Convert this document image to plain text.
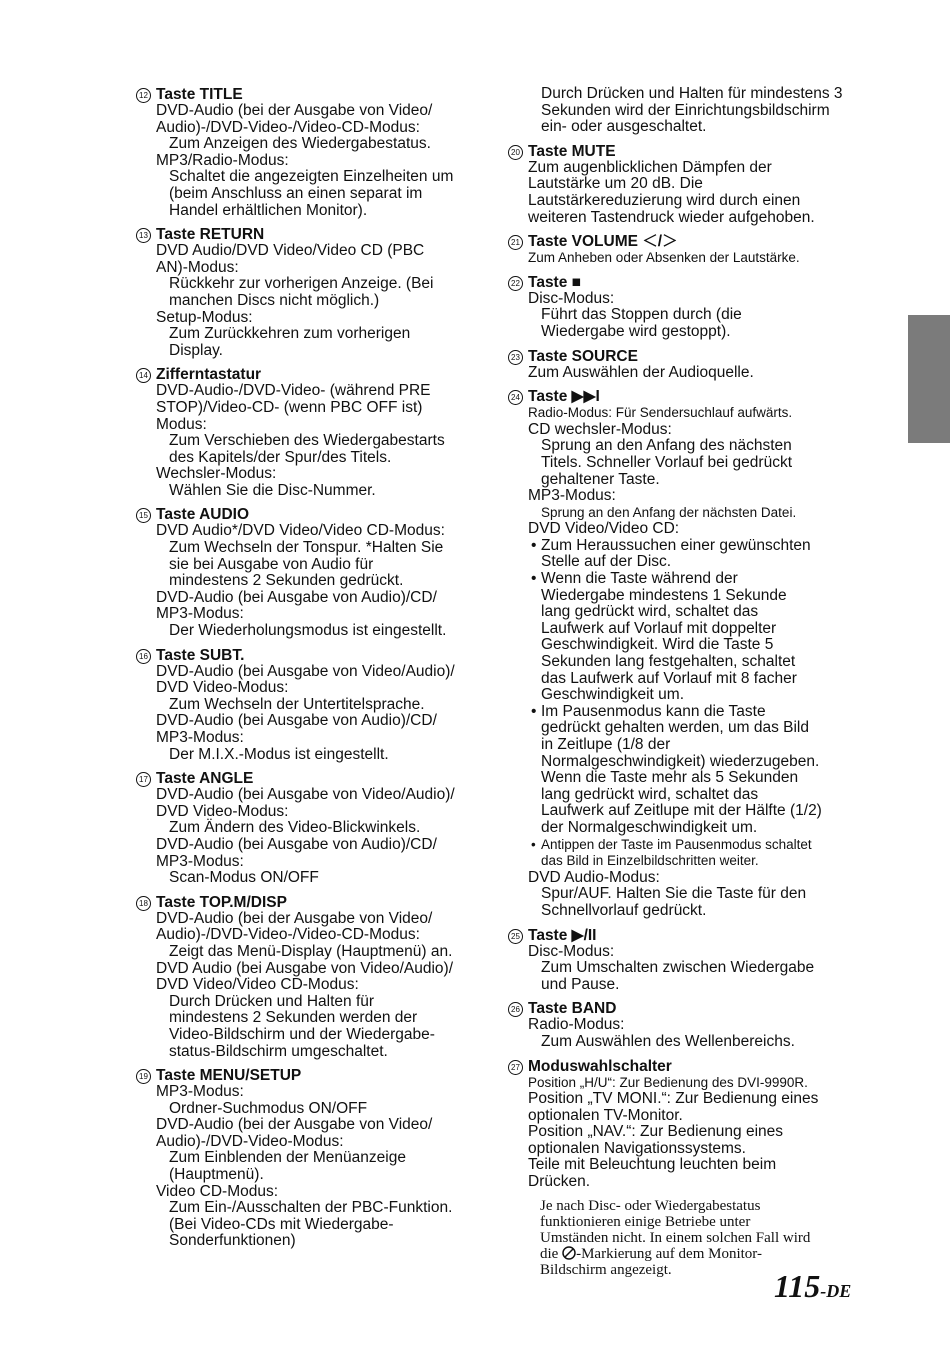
12 Taste TITLE
DVD-Audio (bei der Ausgabe von Video/
Audio)-/DVD-Video-/Video-CD-Modus:
Zum Anzeigen des Wiedergabestatus.
MP3/Radio-Modus:
Schaltet die angezeigten Einzelheiten um
(beim Anschluss an einen separat im
Handel erhältlichen Monitor).
13 Taste RETURN
DVD Audio/DVD Video/Video CD (PBC
AN)-Modus:
Rückkehr zur vorherigen Anzeige. (Bei
manchen Discs nicht möglich.)
Setup-Modus:
Zum Zurückkehren zum vorherigen
Display.
14 Zifferntastatur
DVD-Audio-/DVD-Video- (während PRE
STOP)/Video-CD- (wenn PBC OFF ist)
Modus:
Zum Verschieben des Wiedergabestarts
des Kapitels/der Spur/des Titels.
Wechsler-Modus:
Wählen Sie die Disc-Nummer.
15 Taste AUDIO
DVD Audio*/DVD Video/Video CD-Modus:
Zum Wechseln der Tonspur. *Halten Sie
sie bei Ausgabe von Audio für
mindestens 2 Sekunden gedrückt.
DVD-Audio (bei Ausgabe von Audio)/CD/
MP3-Modus:
Der Wiederholungsmodus ist eingestellt.
16 Taste SUBT.
DVD-Audio (bei Ausgabe von Video/Audio)/
DVD Video-Modus:
Zum Wechseln der Untertitelsprache.
DVD-Audio (bei Ausgabe von Audio)/CD/
MP3-Modus:
Der M.I.X.-Modus ist eingestellt.
17 Taste ANGLE
DVD-Audio (bei Ausgabe von Video/Audio)/
DVD Video-Modus:
Zum Ändern des Video-Blickwinkels.
DVD-Audio (bei Ausgabe von Audio)/CD/
MP3-Modus:
Scan-Modus ON/OFF
18 Taste TOP.M/DISP
DVD-Audio (bei der Ausgabe von Video/
Audio)-/DVD-Video-/Video-CD-Modus:
Zeigt das Menü-Display (Hauptmenü) an.
DVD Audio (bei Ausgabe von Video/Audio)/
DVD Video/Video CD-Modus:
Durch Drücken und Halten für
mindestens 2 Sekunden werden der
Video-Bildschirm und der Wiedergabe-
status-Bildschirm umgeschaltet.
19 Taste MENU/SETUP
MP3-Modus:
Ordner-Suchmodus ON/OFF
DVD-Audio (bei der Ausgabe von Video/
Audio)-/DVD-Video-Modus:
Zum Einblenden der Menüanzeige
(Hauptmenü).
Video CD-Modus:
Zum Ein-/Ausschalten der PBC-Funktion.
(Bei Video-CDs mit Wiedergabe-
Sonderfunktionen)
Durch Drücken und Halten für mindestens 3
Sekunden wird der Einrichtungsbildschirm
ein- oder ausgeschaltet.
20 Taste MUTE
Zum augenblicklichen Dämpfen der
Lautstärke um 20 dB. Die
Lautstärkereduzierung wird durch einen
weiteren Tastendruck wieder aufgehoben.
21 Taste VOLUME ＜/＞
Zum Anheben oder Absenken der Lautstärke.
22 Taste ■
Disc-Modus:
Führt das Stoppen durch (die
Wiedergabe wird gestoppt).
23 Taste SOURCE
Zum Auswählen der Audioquelle.
24 Taste ▶▶I
Radio-Modus: Für Sendersuchlauf aufwärts.
CD wechsler-Modus:
Sprung an den Anfang des nächsten
Titels. Schneller Vorlauf bei gedrückt
gehaltener Taste.
MP3-Modus:
Sprung an den Anfang der nächsten Datei.
DVD Video/Video CD:
• Zum Heraussuchen einer gewünschten
Stelle auf der Disc.
• Wenn die Taste während der
Wiedergabe mindestens 1 Sekunde
lang gedrückt wird, schaltet das
Laufwerk auf Vorlauf mit doppelter
Geschwindigkeit. Wird die Taste 5
Sekunden lang festgehalten, schaltet
das Laufwerk auf Vorlauf mit 8 facher
Geschwindigkeit um.
• Im Pausenmodus kann die Taste
gedrückt gehalten werden, um das Bild
in Zeitlupe (1/8 der
Normalgeschwindigkeit) wiederzugeben.
Wenn die Taste mehr als 5 Sekunden
lang gedrückt wird, schaltet das
Laufwerk auf Zeitlupe mit der Hälfte (1/2)
der Normalgeschwindigkeit um.
• Antippen der Taste im Pausenmodus schaltet
das Bild in Einzelbildschritten weiter.
DVD Audio-Modus:
Spur/AUF. Halten Sie die Taste für den
Schnellvorlauf gedrückt.
25 Taste ▶/II
Disc-Modus:
Zum Umschalten zwischen Wiedergabe
und Pause.
26 Taste BAND
Radio-Modus:
Zum Auswählen des Wellenbereichs.
27 Moduswahlschalter
Position „H/U“: Zur Bedienung des DVI-9990R.
Position „TV MONI.“: Zur Bedienung eines
optionalen TV-Monitor.
Position „NAV.“: Zur Bedienung eines
optionalen Navigationssystems.
Teile mit Beleuchtung leuchten beim
Drücken.
Je nach Disc- oder Wiedergabestatus
funktionieren einige Betriebe unter
Umständen nicht. In einem solchen Fall wird
die -Markierung auf dem Monitor-
Bildschirm angezeigt.	115-DE
